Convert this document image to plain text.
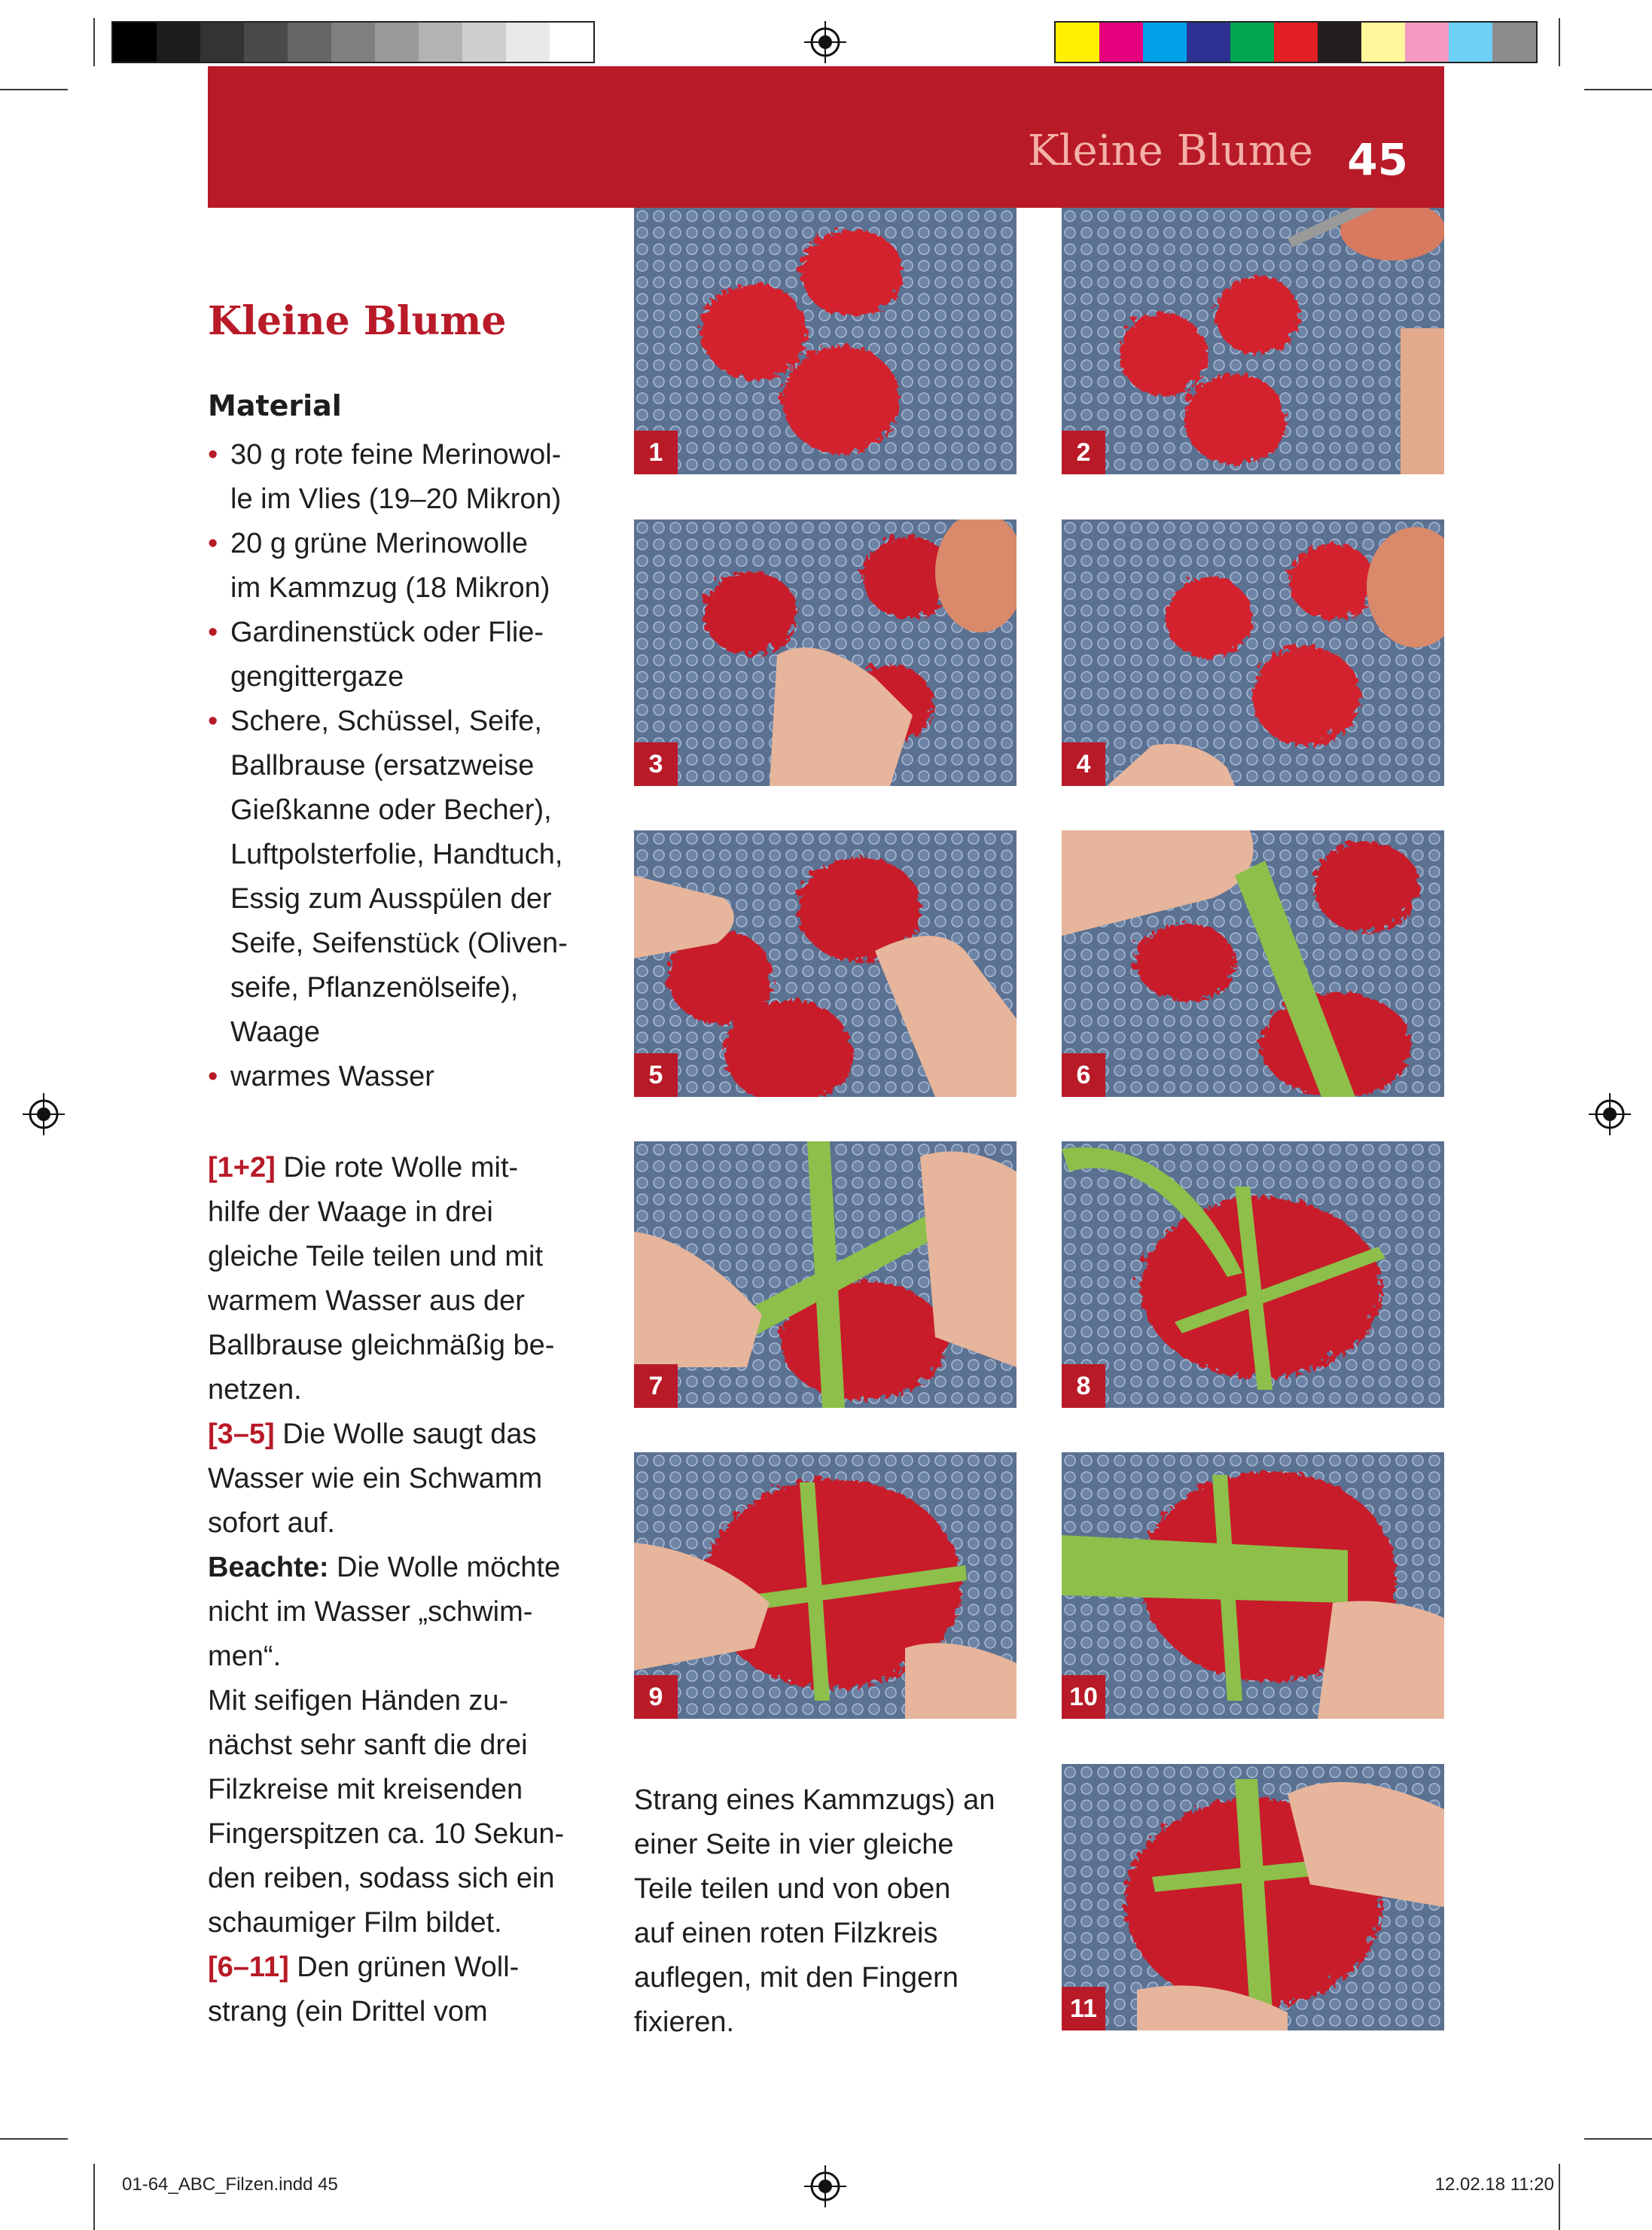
Kleine Blume 45
Kleine Blume
Material
• 30 g rote feine Merinowol-
le im Vlies (19–20 Mikron)
• 20 g grüne Merinowolle
im Kammzug (18 Mikron)
• Gardinenstück oder Flie-
gengittergaze
• Schere, Schüssel, Seife,
Ballbrause (ersatzweise
Gießkanne oder Becher),
Luftpolsterfolie, Handtuch,
Essig zum Ausspülen der
Seife, Seifenstück (Oliven-
seife, Pflanzenölseife),
Waage
• warmes Wasser

[1+2] Die rote Wolle mit-
hilfe der Waage in drei
gleiche Teile teilen und mit
warmem Wasser aus der
Ballbrause gleichmäßig be-
netzen.

[3–5] Die Wolle saugt das
Wasser wie ein Schwamm
sofort auf.

Beachte: Die Wolle möchte
nicht im Wasser „schwim-
men“.

Mit seifigen Händen zu-
nächst sehr sanft die drei
Filzkreise mit kreisenden
Fingerspitzen ca. 10 Sekun-
den reiben, sodass sich ein
schaumiger Film bildet.

[6–11] Den grünen Woll-
strang (ein Drittel vom

Strang eines Kammzugs) an
einer Seite in vier gleiche
Teile teilen und von oben
auf einen roten Filzkreis
auflegen, mit den Fingern
fixieren.

1	2
3	4
5	6
7	8
9	10
11
01-64_ABC_Filzen.indd 45	12.02.18 11:20
